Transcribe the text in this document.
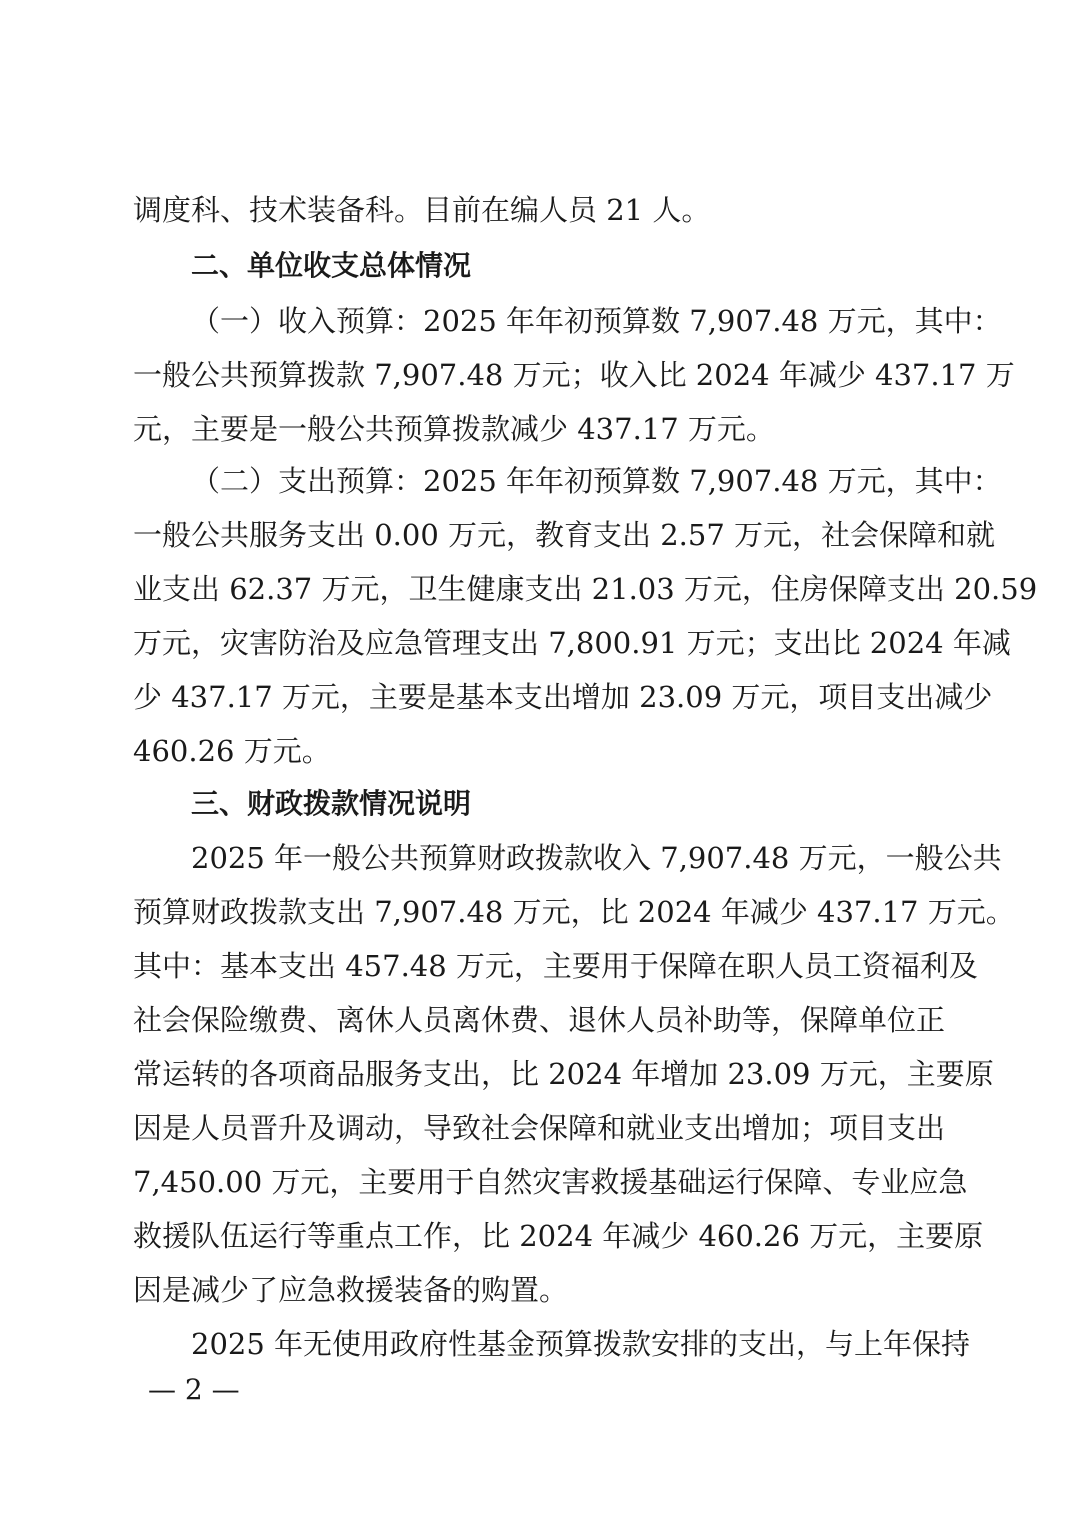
调度科、技术装备科。目前在编人员 21 人。
二、单位收支总体情况
（一）收入预算：2025 年年初预算数 7,907.48 万元，其中：
一般公共预算拨款 7,907.48 万元；收入比 2024 年减少 437.17 万
元，主要是一般公共预算拨款减少 437.17 万元。
（二）支出预算：2025 年年初预算数 7,907.48 万元，其中：
一般公共服务支出 0.00 万元，教育支出 2.57 万元，社会保障和就
业支出 62.37 万元，卫生健康支出 21.03 万元，住房保障支出 20.59
万元，灾害防治及应急管理支出 7,800.91 万元；支出比 2024 年减
少 437.17 万元，主要是基本支出增加 23.09 万元，项目支出减少
460.26 万元。
三、财政拨款情况说明
2025 年一般公共预算财政拨款收入 7,907.48 万元，一般公共
预算财政拨款支出 7,907.48 万元，比 2024 年减少 437.17 万元。
其中：基本支出 457.48 万元，主要用于保障在职人员工资福利及
社会保险缴费、离休人员离休费、退休人员补助等，保障单位正
常运转的各项商品服务支出，比 2024 年增加 23.09 万元，主要原
因是人员晋升及调动，导致社会保障和就业支出增加；项目支出
7,450.00 万元，主要用于自然灾害救援基础运行保障、专业应急
救援队伍运行等重点工作，比 2024 年减少 460.26 万元，主要原
因是减少了应急救援装备的购置。
2025 年无使用政府性基金预算拨款安排的支出，与上年保持
— 2 —
